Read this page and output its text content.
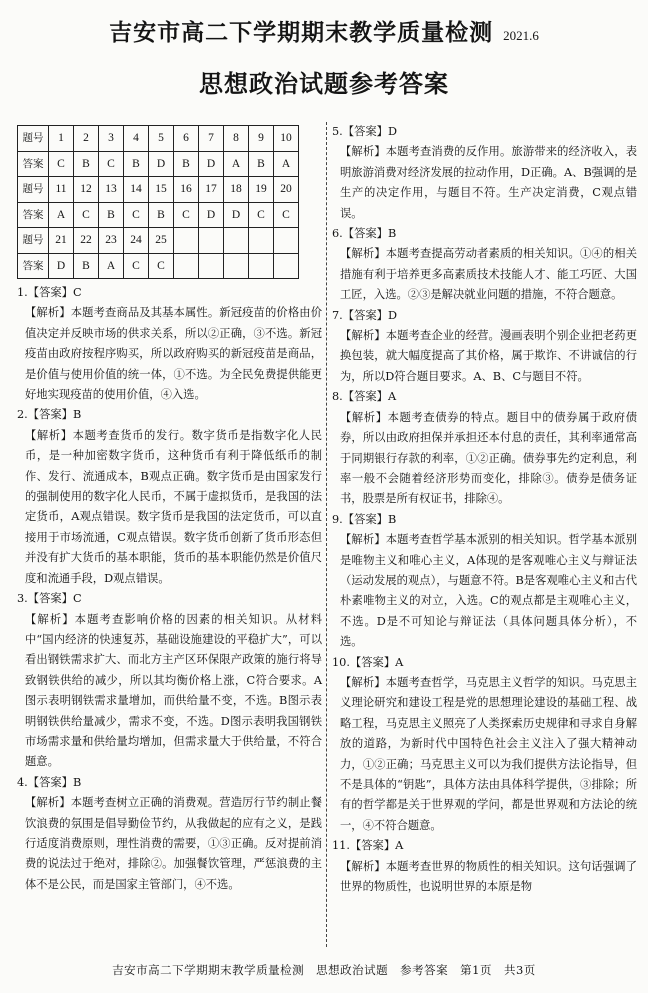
吉安市高二下学期期末教学质量检测 2021.6
思想政治试题参考答案
题号	1	2	3	4	5	6	7	8	9	10
答案	C	B	C	B	D	B	D	A	B	A
题号	11	12	13	14	15	16	17	18	19	20
答案	A	C	B	C	B	C	D	D	C	C
题号	21	22	23	24	25					
答案	D	B	A	C	C					

1.【答案】C

【解析】本题考查商品及其基本属性。新冠疫苗的价格由价值决定并反映市场的供求关系，所以②正确，③不选。新冠疫苗由政府按程序购买，所以政府购买的新冠疫苗是商品，是价值与使用价值的统一体，①不选。为全民免费提供能更好地实现疫苗的使用价值，④入选。

2.【答案】B

【解析】本题考查货币的发行。数字货币是指数字化人民币，是一种加密数字货币，这种货币有利于降低纸币的制作、发行、流通成本，B观点正确。数字货币是由国家发行的强制使用的数字化人民币，不属于虚拟货币，是我国的法定货币，A观点错误。数字货币是我国的法定货币，可以直接用于市场流通，C观点错误。数字货币创新了货币形态但并没有扩大货币的基本职能，货币的基本职能仍然是价值尺度和流通手段，D观点错误。

3.【答案】C

【解析】本题考查影响价格的因素的相关知识。从材料中“国内经济的快速复苏，基础设施建设的平稳扩大”，可以看出钢铁需求扩大、而北方主产区环保限产政策的施行将导致钢铁供给的减少，所以其均衡价格上涨，C符合要求。A图示表明钢铁需求量增加，而供给量不变，不选。B图示表明钢铁供给量减少，需求不变，不选。D图示表明我国钢铁市场需求量和供给量均增加，但需求量大于供给量，不符合题意。

4.【答案】B

【解析】本题考查树立正确的消费观。营造厉行节约制止餐饮浪费的氛围是倡导勤俭节约，从我做起的应有之义，是践行适度消费原则，理性消费的需要，①③正确。反对提前消费的说法过于绝对，排除②。加强餐饮管理，严惩浪费的主体不是公民，而是国家主管部门，④不选。

5.【答案】D

【解析】本题考查消费的反作用。旅游带来的经济收入，表明旅游消费对经济发展的拉动作用，D正确。A、B强调的是生产的决定作用，与题目不符。生产决定消费，C观点错误。

6.【答案】B

【解析】本题考查提高劳动者素质的相关知识。①④的相关措施有利于培养更多高素质技术技能人才、能工巧匠、大国工匠，入选。②③是解决就业问题的措施，不符合题意。

7.【答案】D

【解析】本题考查企业的经营。漫画表明个别企业把老药更换包装，就大幅度提高了其价格，属于欺诈、不讲诚信的行为，所以D符合题目要求。A、B、C与题目不符。

8.【答案】A

【解析】本题考查债券的特点。题目中的债券属于政府债券，所以由政府担保并承担还本付息的责任，其利率通常高于同期银行存款的利率，①②正确。债券事先约定利息，利率一般不会随着经济形势而变化，排除③。债券是债务证书，股票是所有权证书，排除④。

9.【答案】B

【解析】本题考查哲学基本派别的相关知识。哲学基本派别是唯物主义和唯心主义，A体现的是客观唯心主义与辩证法（运动发展的观点），与题意不符。B是客观唯心主义和古代朴素唯物主义的对立，入选。C的观点都是主观唯心主义，不选。D是不可知论与辩证法（具体问题具体分析），不选。

10.【答案】A

【解析】本题考查哲学，马克思主义哲学的知识。马克思主义理论研究和建设工程是党的思想理论建设的基础工程、战略工程，马克思主义照亮了人类探索历史规律和寻求自身解放的道路，为新时代中国特色社会主义注入了强大精神动力，①②正确；马克思主义可以为我们提供方法论指导，但不是具体的“钥匙”，具体方法由具体科学提供，③排除；所有的哲学都是关于世界观的学问，都是世界观和方法论的统一，④不符合题意。

11.【答案】A

【解析】本题考查世界的物质性的相关知识。这句话强调了世界的物质性，也说明世界的本原是物

吉安市高二下学期期末教学质量检测　思想政治试题　参考答案　第1页　共3页
